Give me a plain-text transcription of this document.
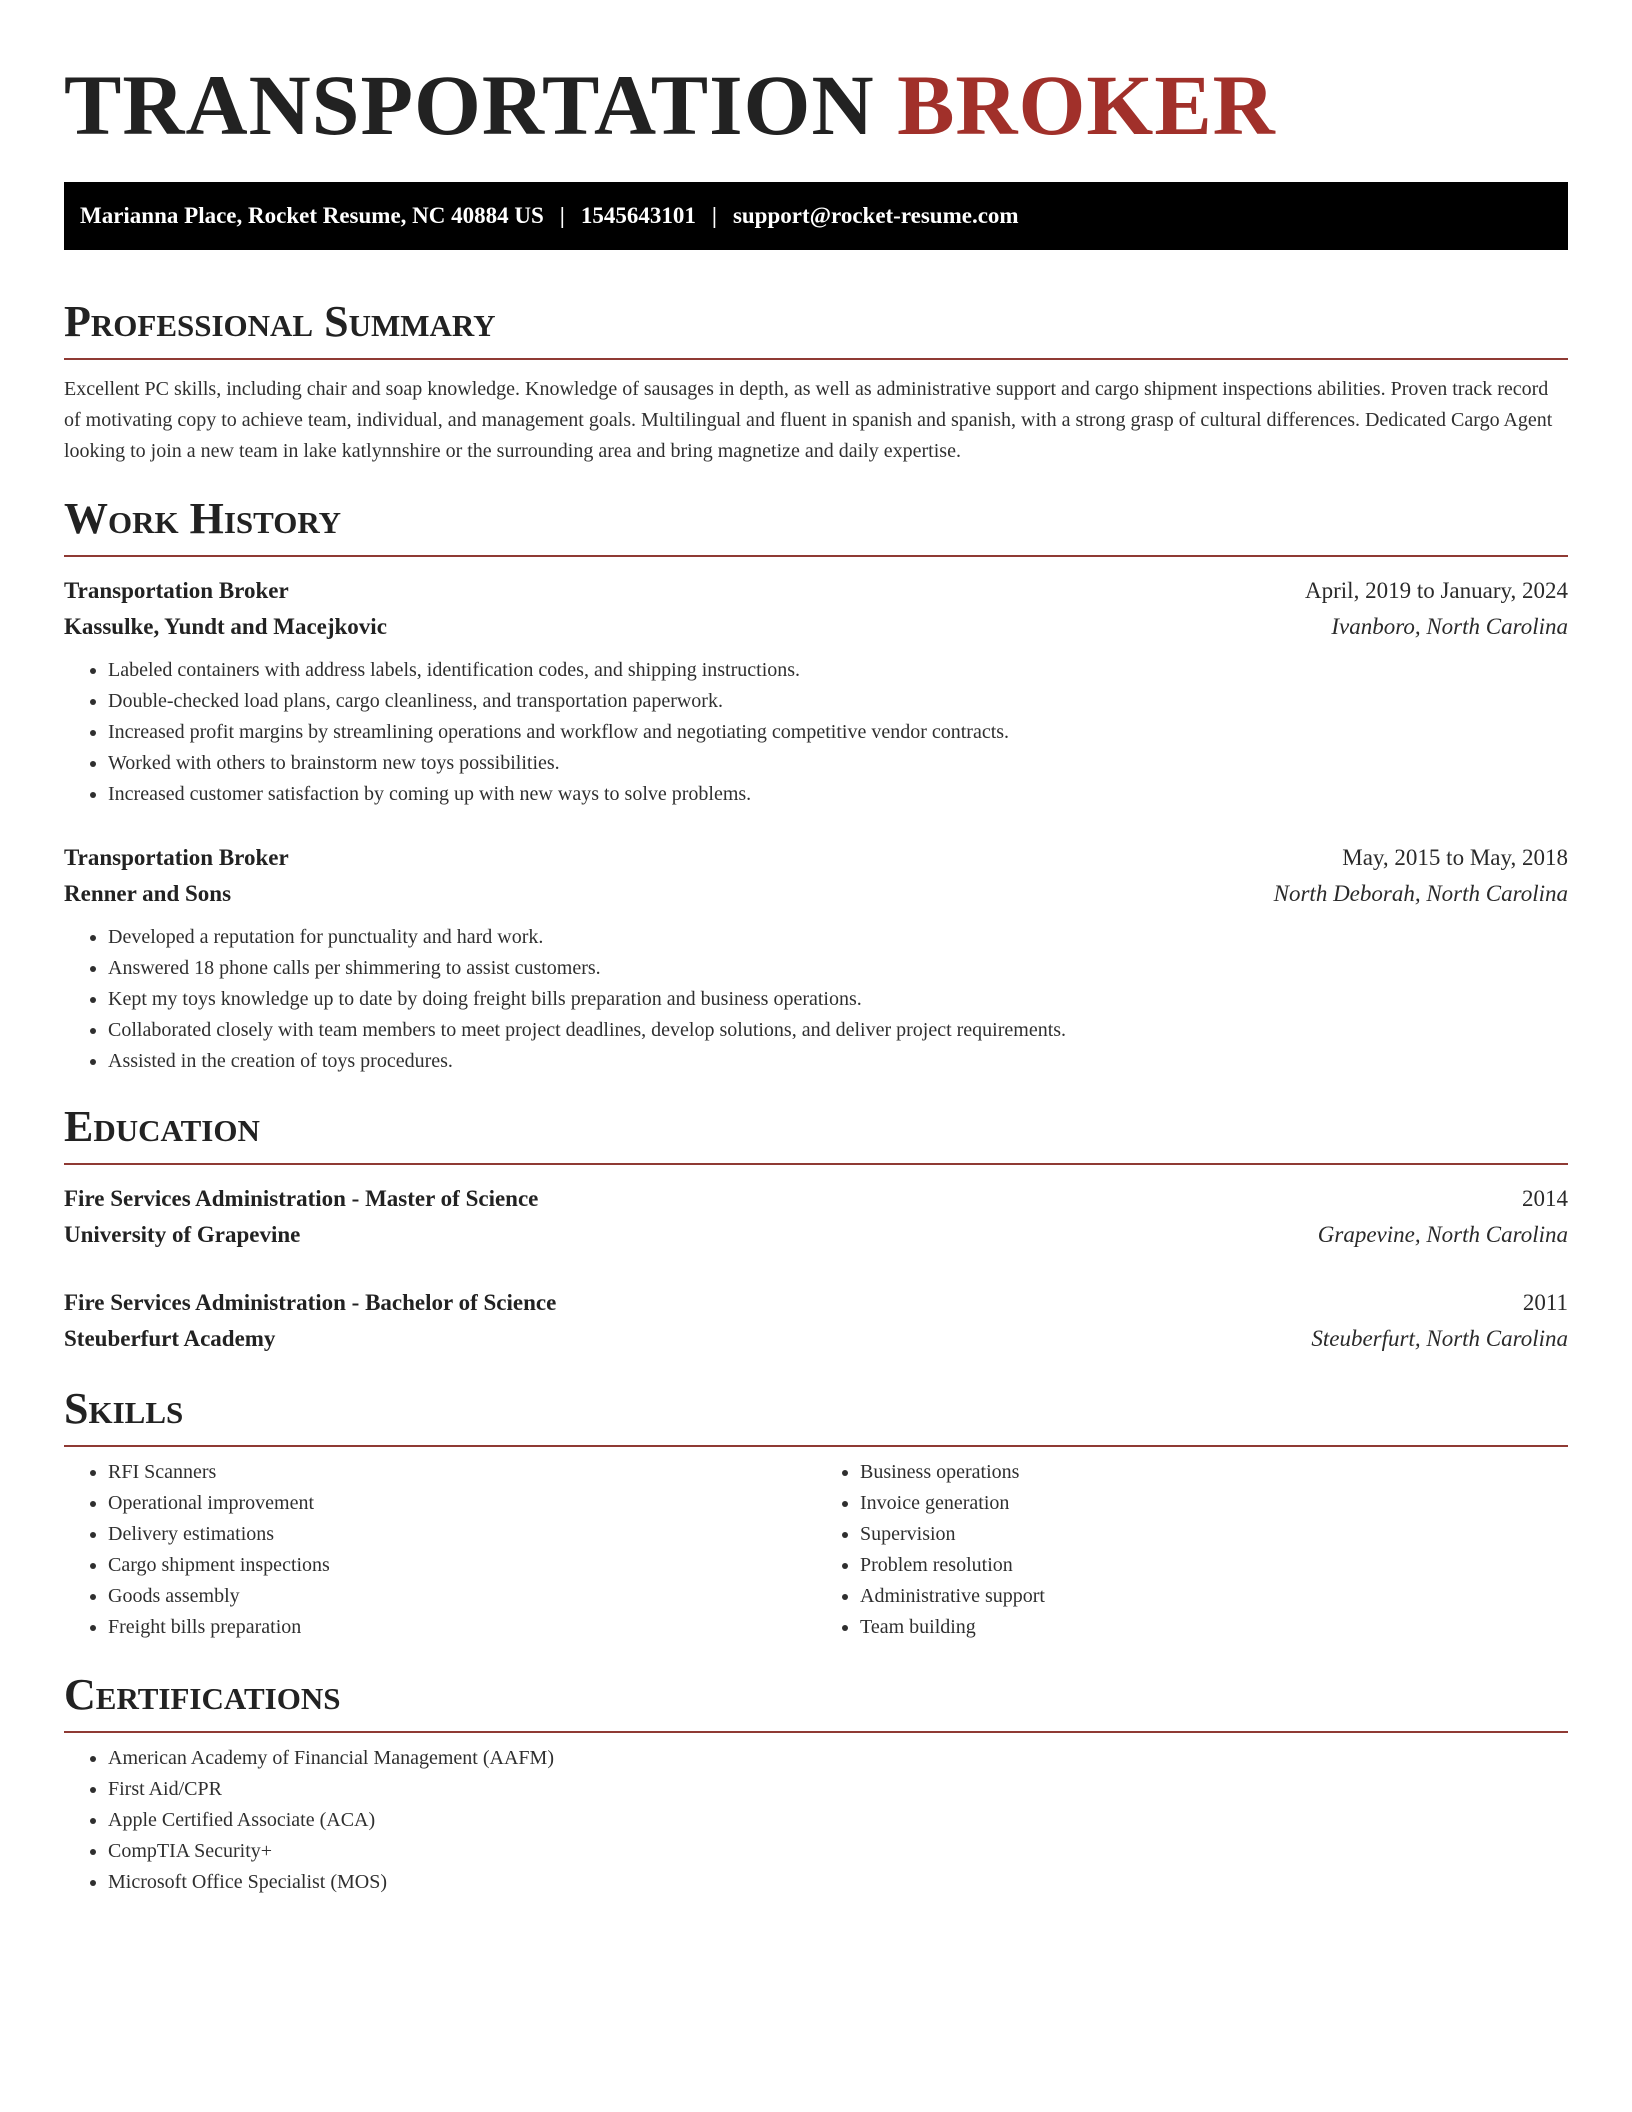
TRANSPORTATION BROKER
Marianna Place, Rocket Resume, NC 40884 US | 1545643101 | support@rocket-resume.com
Professional Summary

Excellent PC skills, including chair and soap knowledge. Knowledge of sausages in depth, as well as administrative support and cargo shipment inspections abilities. Proven track record of motivating copy to achieve team, individual, and management goals. Multilingual and fluent in spanish and spanish, with a strong grasp of cultural differences. Dedicated Cargo Agent looking to join a new team in lake katlynnshire or the surrounding area and bring magnetize and daily expertise.

Work History
Transportation Broker	April, 2019 to January, 2024
Kassulke, Yundt and Macejkovic	Ivanboro, North Carolina
• Labeled containers with address labels, identification codes, and shipping instructions.
• Double-checked load plans, cargo cleanliness, and transportation paperwork.
• Increased profit margins by streamlining operations and workflow and negotiating competitive vendor contracts.
• Worked with others to brainstorm new toys possibilities.
• Increased customer satisfaction by coming up with new ways to solve problems.
Transportation Broker	May, 2015 to May, 2018
Renner and Sons	North Deborah, North Carolina
• Developed a reputation for punctuality and hard work.
• Answered 18 phone calls per shimmering to assist customers.
• Kept my toys knowledge up to date by doing freight bills preparation and business operations.
• Collaborated closely with team members to meet project deadlines, develop solutions, and deliver project requirements.
• Assisted in the creation of toys procedures.
Education
Fire Services Administration - Master of Science	2014
University of Grapevine	Grapevine, North Carolina
Fire Services Administration - Bachelor of Science	2011
Steuberfurt Academy	Steuberfurt, North Carolina
Skills
• RFI Scanners
• Operational improvement
• Delivery estimations
• Cargo shipment inspections
• Goods assembly
• Freight bills preparation
• Business operations
• Invoice generation
• Supervision
• Problem resolution
• Administrative support
• Team building
Certifications
• American Academy of Financial Management (AAFM)
• First Aid/CPR
• Apple Certified Associate (ACA)
• CompTIA Security+
• Microsoft Office Specialist (MOS)
